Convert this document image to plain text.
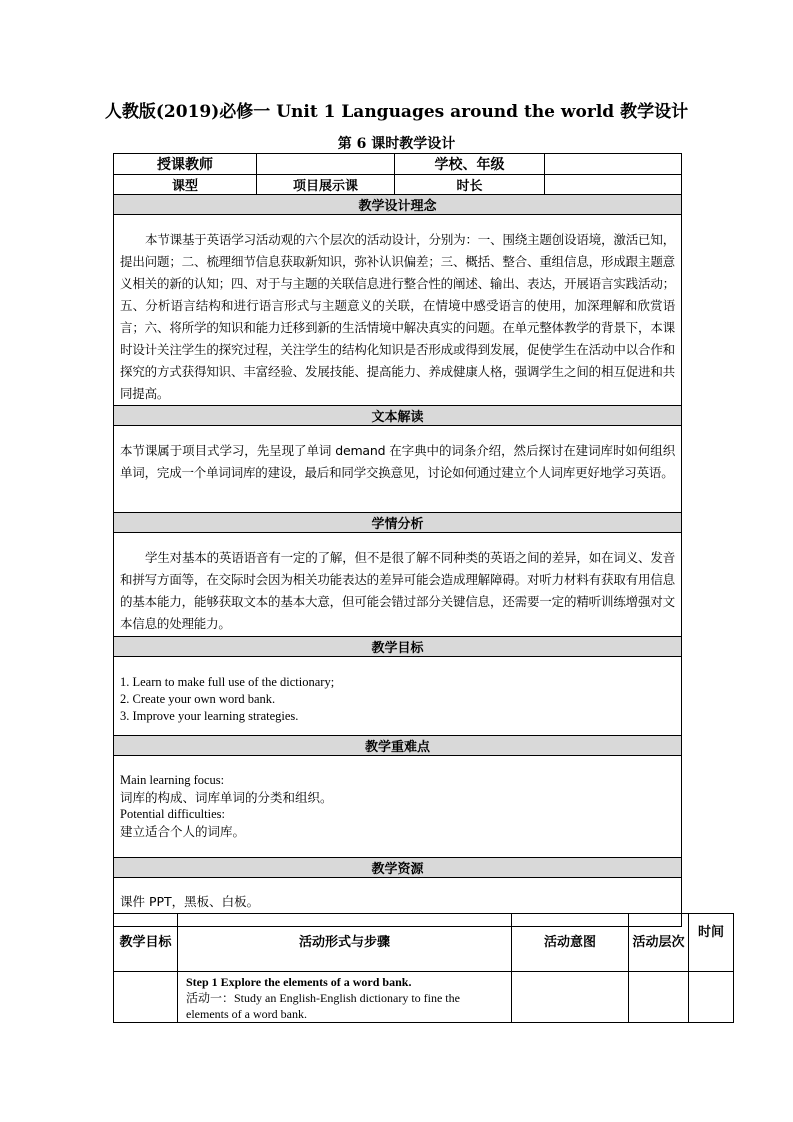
人教版(2019)必修一 Unit 1 Languages around the world 教学设计
第 6 课时教学设计
授课教师		学校、年级	
课型	项目展示课	时长	
教学设计理念			

本节课基于英语学习活动观的六个层次的活动设计，分别为：一、围绕主题创设语境，激活已知，提出问题；二、梳理细节信息获取新知识，弥补认识偏差；三、概括、整合、重组信息，形成跟主题意义相关的新的认知；四、对于与主题的关联信息进行整合性的阐述、输出、表达，开展语言实践活动；五、分析语言结构和进行语言形式与主题意义的关联，在情境中感受语言的使用，加深理解和欣赏语言；六、将所学的知识和能力迁移到新的生活情境中解决真实的问题。在单元整体教学的背景下，本课时设计关注学生的探究过程，关注学生的结构化知识是否形成或得到发展，促使学生在活动中以合作和探究的方式获得知识、丰富经验、发展技能、提高能力、养成健康人格，强调学生之间的相互促进和共同提高。			

文本解读			

本节课属于项目式学习，先呈现了单词 demand 在字典中的词条介绍，然后探讨在建词库时如何组织单词，完成一个单词词库的建设，最后和同学交换意见，讨论如何通过建立个人词库更好地学习英语。			

学情分析			

学生对基本的英语语音有一定的了解，但不是很了解不同种类的英语之间的差异，如在词义、发音和拼写方面等，在交际时会因为相关功能表达的差异可能会造成理解障碍。对听力材料有获取有用信息的基本能力，能够获取文本的基本大意，但可能会错过部分关键信息，还需要一定的精听训练增强对文本信息的处理能力。			

教学目标			

1. Learn to make full use of the dictionary;
2. Create your own word bank.
3. Improve your learning strategies.			

教学重难点			

Main learning focus:
词库的构成、词库单词的分类和组织。
Potential difficulties:
建立适合个人的词库。			

教学资源			

课件 PPT，黑板、白板。			
教学目标	活动形式与步骤	活动意图	活动层次	时间

	Step 1 Explore the elements of a word bank.
活动一：Study an English-English dictionary to fine the elements of a word bank.			
